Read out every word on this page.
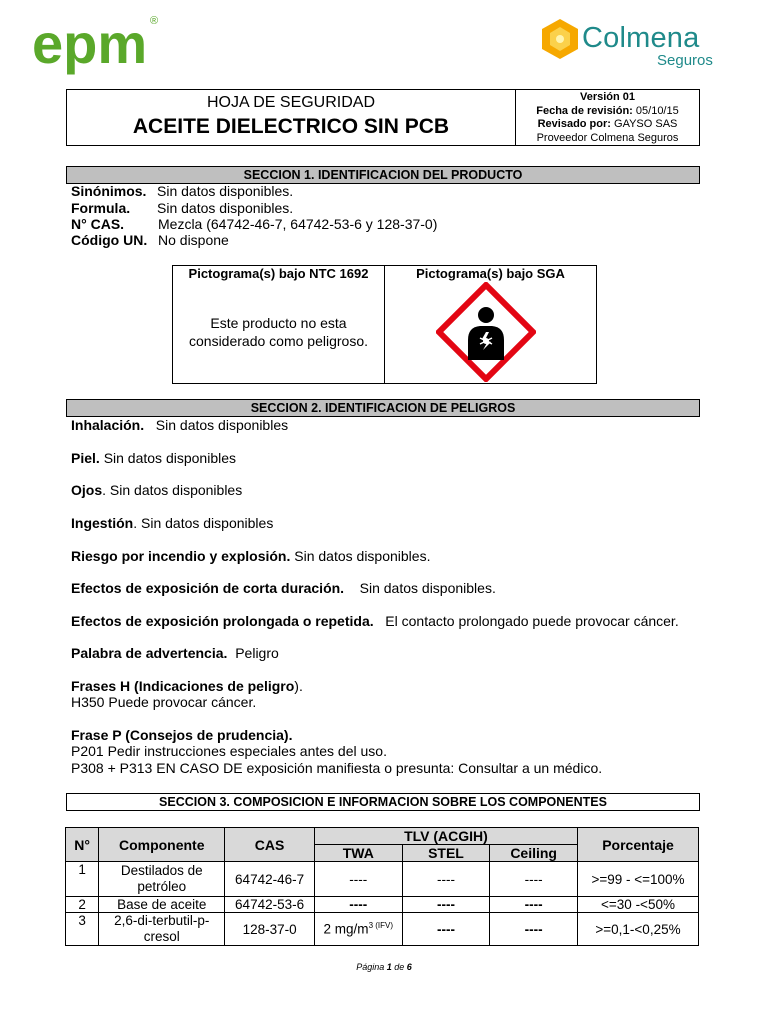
epm ®
Colmena
Seguros
HOJA DE SEGURIDAD
ACEITE DIELECTRICO SIN PCB
Versión 01
Fecha de revisión: 05/10/15
Revisado por: GAYSO SAS
Proveedor Colmena Seguros
SECCION 1. IDENTIFICACION DEL PRODUCTO
Sinónimos. Sin datos disponibles.
Formula. Sin datos disponibles.
N° CAS. Mezcla (64742-46-7, 64742-53-6 y 128-37-0)
Código UN. No dispone
Pictograma(s) bajo NTC 1692	Pictograma(s) bajo SGA
Este producto no esta
considerado como peligroso.
SECCION 2. IDENTIFICACION DE PELIGROS
Inhalación. Sin datos disponibles
Piel. Sin datos disponibles
Ojos. Sin datos disponibles
Ingestión. Sin datos disponibles
Riesgo por incendio y explosión. Sin datos disponibles.
Efectos de exposición de corta duración. Sin datos disponibles.
Efectos de exposición prolongada o repetida. El contacto prolongado puede provocar cáncer.
Palabra de advertencia. Peligro
Frases H (Indicaciones de peligro).
H350 Puede provocar cáncer.
Frase P (Consejos de prudencia).
P201 Pedir instrucciones especiales antes del uso.
P308 + P313 EN CASO DE exposición manifiesta o presunta: Consultar a un médico.
SECCION 3. COMPOSICION E INFORMACION SOBRE LOS COMPONENTES
N°	Componente	CAS	TLV (ACGIH)			Porcentaje
			TWA	STEL	Ceiling	
1	Destilados de
petróleo	64742-46-7	----	----	----	>=99 - <=100%
2	Base de aceite	64742-53-6	----	----	----	<=30 -<50%
3	2,6-di-terbutil-p-
cresol	128-37-0	2 $mg/m^{3 (IFV)}$	----	----	>=0,1-<0,25%
Página 1 de 6
